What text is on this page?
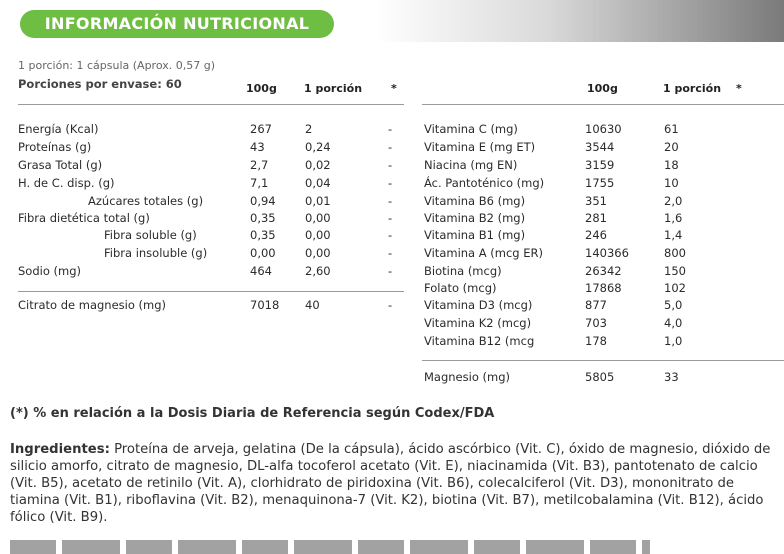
INFORMACIÓN NUTRICIONAL
1 porción: 1 cápsula (Aprox. 0,57 g)
Porciones por envase: 60	100g 1 porción	*	100g	1 porción *
Energía (Kcal)	267	2	-
Proteínas (g)	43	0,24	-
Grasa Total (g)	2,7	0,02	-
H. de C. disp. (g)	7,1	0,04	-
Azúcares totales (g)	0,94	0,01	-
Fibra dietética total (g)	0,35	0,00	-
Fibra soluble (g)	0,35	0,00	-
Fibra insoluble (g)	0,00	0,00	-
Sodio (mg)	464	2,60	-
Citrato de magnesio (mg)	7018 40	-
Vitamina C (mg)	10630	61
Vitamina E (mg ET)	3544	20
Niacina (mg EN)	3159	18
Ác. Pantoténico (mg)	1755	10
Vitamina B6 (mg)	351	2,0
Vitamina B2 (mg)	281	1,6
Vitamina B1 (mg)	246	1,4
Vitamina A (mcg ER)	140366	800
Biotina (mcg)	26342	150
Folato (mcg)	17868	102
Vitamina D3 (mcg)	877	5,0
Vitamina K2 (mcg)	703	4,0
Vitamina B12 (mcg	178	1,0
Magnesio (mg)	5805	33
(*) % en relación a la Dosis Diaria de Referencia según Codex/FDA
Ingredientes: Proteína de arveja, gelatina (De la cápsula), ácido ascórbico (Vit. C), óxido de magnesio, dióxido de silicio amorfo, citrato de magnesio, DL-alfa tocoferol acetato (Vit. E), niacinamida (Vit. B3), pantotenato de calcio (Vit. B5), acetato de retinilo (Vit. A), clorhidrato de piridoxina (Vit. B6), colecalciferol (Vit. D3), mononitrato de tiamina (Vit. B1), riboflavina (Vit. B2), menaquinona-7 (Vit. K2), biotina (Vit. B7), metilcobalamina (Vit. B12), ácido fólico (Vit. B9).
